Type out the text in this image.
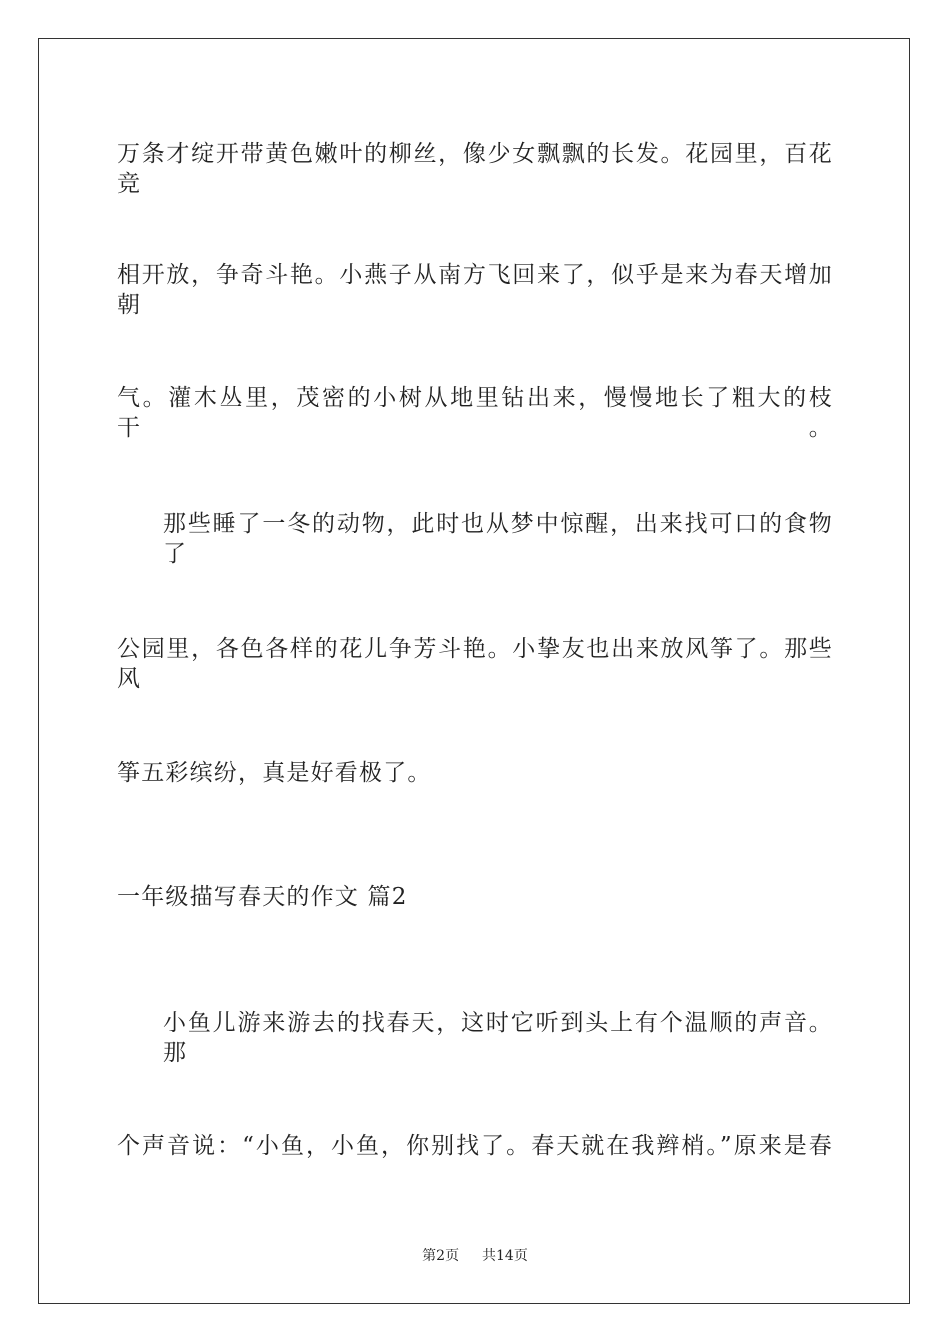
万条才绽开带黄色嫩叶的柳丝，像少女飘飘的长发。花园里，百花竞
相开放，争奇斗艳。小燕子从南方飞回来了，似乎是来为春天增加朝
气。灌木丛里，茂密的小树从地里钻出来，慢慢地长了粗大的枝干。
那些睡了一冬的动物，此时也从梦中惊醒，出来找可口的食物了
公园里，各色各样的花儿争芳斗艳。小挚友也出来放风筝了。那些风
筝五彩缤纷，真是好看极了。
一年级描写春天的作文 篇2
小鱼儿游来游去的找春天，这时它听到头上有个温顺的声音。那
个声音说：“小鱼，小鱼，你别找了。春天就在我辫梢。”原来是春
第2页 共14页
